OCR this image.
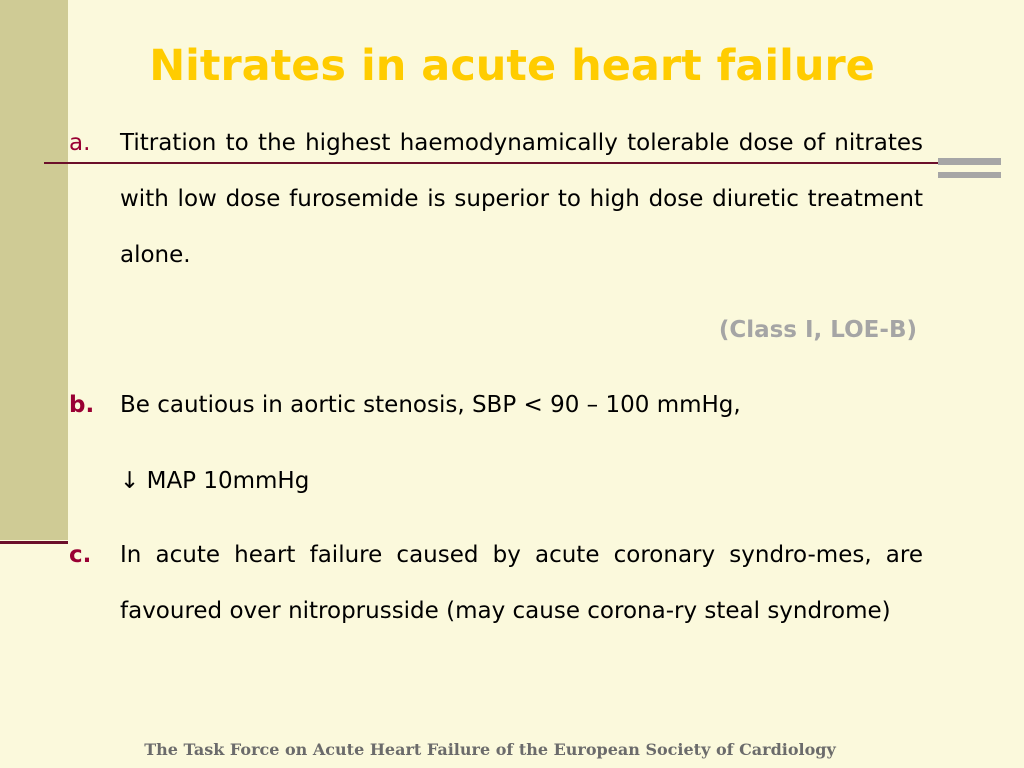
Nitrates in acute heart failure
a. Titration to the highest haemodynamically tolerable dose of nitrates with low dose furosemide is superior to high dose diuretic treatment alone.
(Class I, LOE-B)
b. Be cautious in aortic stenosis, SBP < 90 – 100 mmHg,
↓ MAP 10mmHg
c. In acute heart failure caused by acute coronary syndro-mes, are favoured over nitroprusside (may cause corona-ry steal syndrome)
The Task Force on Acute Heart Failure of the European Society of Cardiology
